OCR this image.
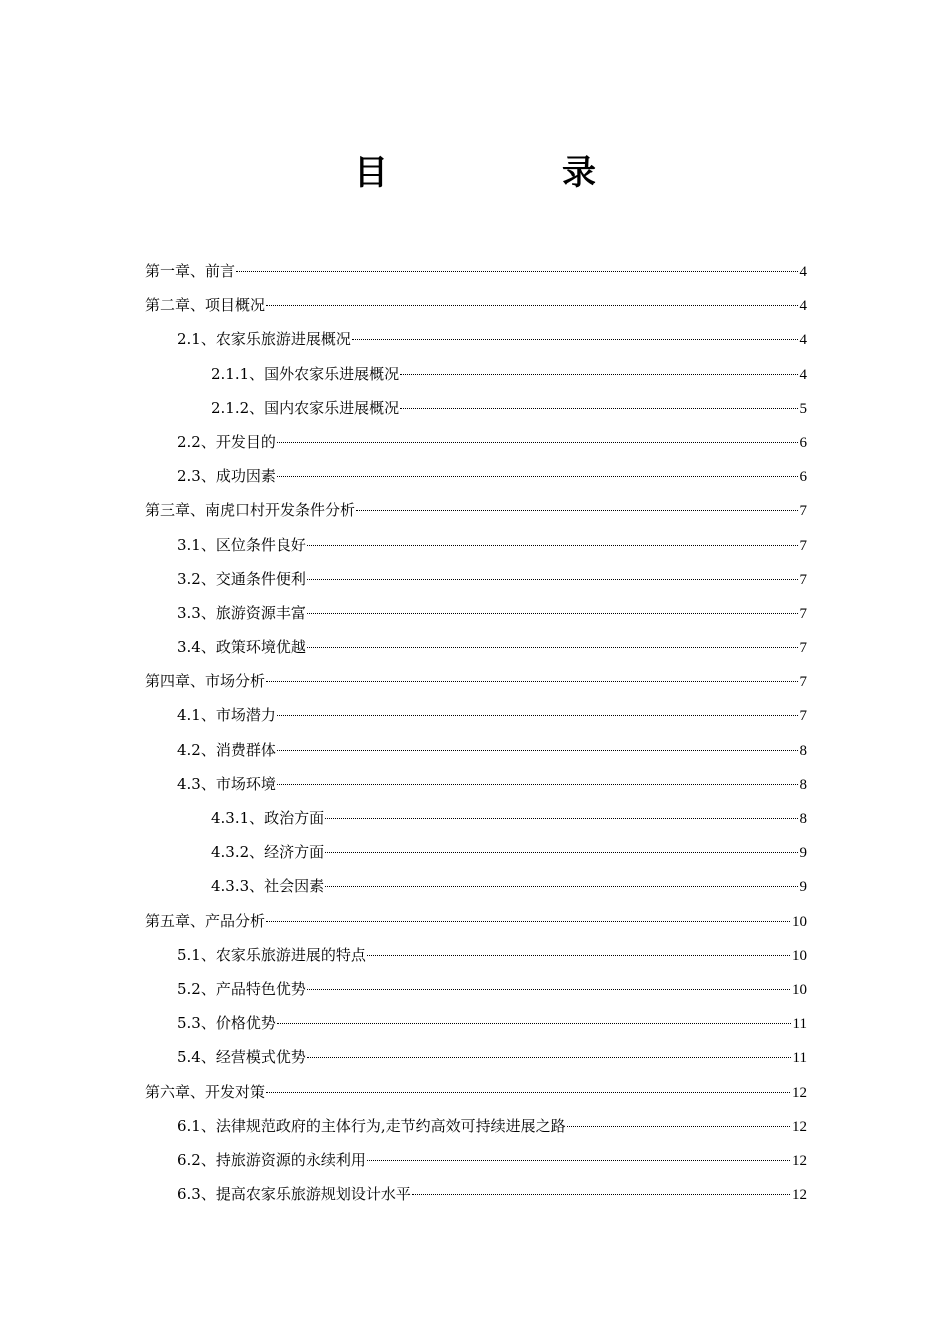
目　录
第一章、前言	4
第二章、项目概况	4
2.1、农家乐旅游进展概况	4
2.1.1、国外农家乐进展概况	4
2.1.2、国内农家乐进展概况	5
2.2、开发目的	6
2.3、成功因素	6
第三章、南虎口村开发条件分析	7
3.1、区位条件良好	7
3.2、交通条件便利	7
3.3、旅游资源丰富	7
3.4、政策环境优越	7
第四章、市场分析	7
4.1、市场潜力	7
4.2、消费群体	8
4.3、市场环境	8
4.3.1、政治方面	8
4.3.2、经济方面	9
4.3.3、社会因素	9
第五章、产品分析	10
5.1、农家乐旅游进展的特点	10
5.2、产品特色优势	10
5.3、价格优势	11
5.4、经营模式优势	11
第六章、开发对策	12
6.1、法律规范政府的主体行为,走节约高效可持续进展之路	12
6.2、持旅游资源的永续利用	12
6.3、提高农家乐旅游规划设计水平	12
